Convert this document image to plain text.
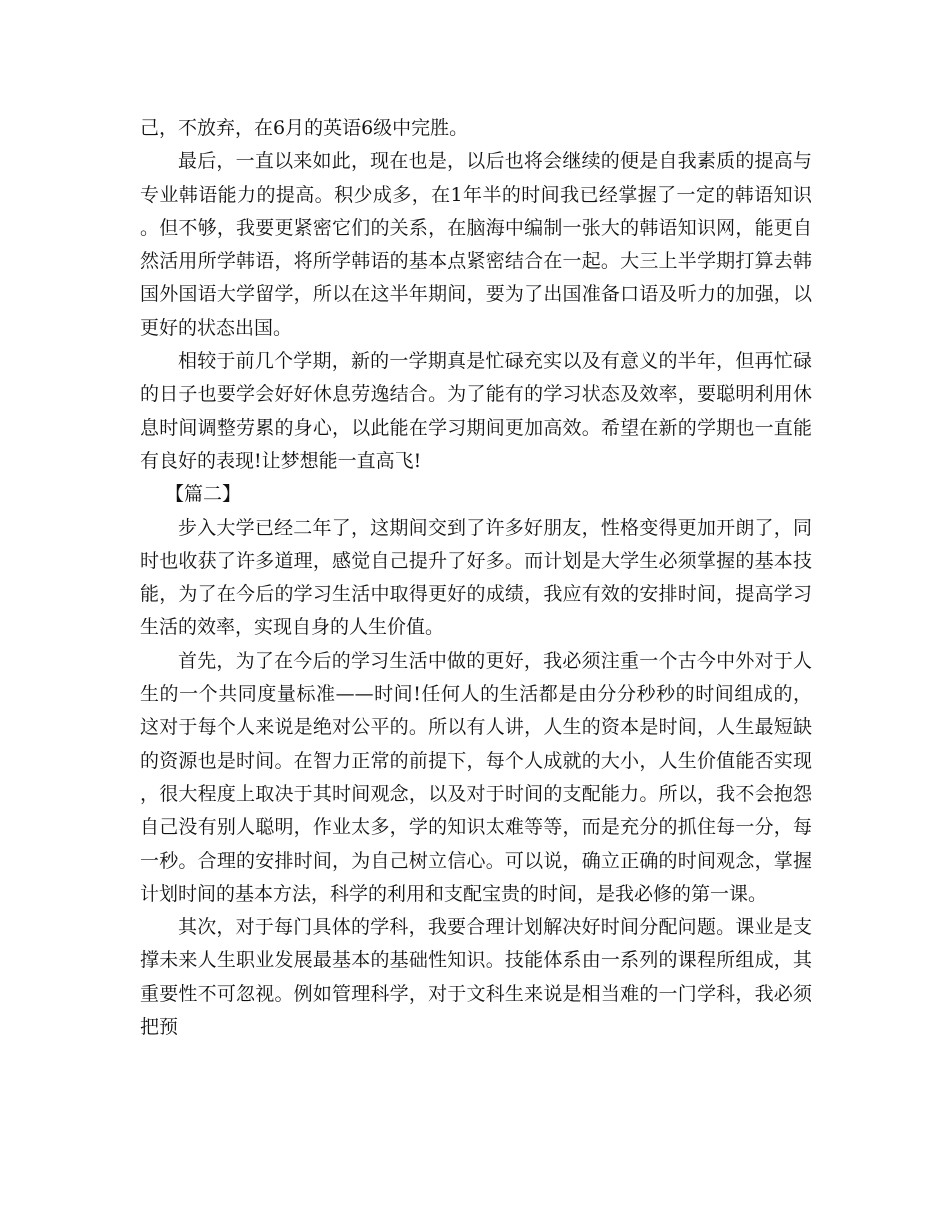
己，不放弃，在6月的英语6级中完胜。

最后，一直以来如此，现在也是，以后也将会继续的便是自我素质的提高与专业韩语能力的提高。积少成多，在1年半的时间我已经掌握了一定的韩语知识。但不够，我要更紧密它们的关系，在脑海中编制一张大的韩语知识网，能更自然活用所学韩语，将所学韩语的基本点紧密结合在一起。大三上半学期打算去韩国外国语大学留学，所以在这半年期间，要为了出国准备口语及听力的加强，以更好的状态出国。

相较于前几个学期，新的一学期真是忙碌充实以及有意义的半年，但再忙碌的日子也要学会好好休息劳逸结合。为了能有的学习状态及效率，要聪明利用休息时间调整劳累的身心，以此能在学习期间更加高效。希望在新的学期也一直能有良好的表现!让梦想能一直高飞!

【篇二】

步入大学已经二年了，这期间交到了许多好朋友，性格变得更加开朗了，同时也收获了许多道理，感觉自己提升了好多。而计划是大学生必须掌握的基本技能，为了在今后的学习生活中取得更好的成绩，我应有效的安排时间，提高学习生活的效率，实现自身的人生价值。

首先，为了在今后的学习生活中做的更好，我必须注重一个古今中外对于人生的一个共同度量标准——时间!任何人的生活都是由分分秒秒的时间组成的，这对于每个人来说是绝对公平的。所以有人讲，人生的资本是时间，人生最短缺的资源也是时间。在智力正常的前提下，每个人成就的大小，人生价值能否实现，很大程度上取决于其时间观念，以及对于时间的支配能力。所以，我不会抱怨自己没有别人聪明，作业太多，学的知识太难等等，而是充分的抓住每一分，每一秒。合理的安排时间，为自己树立信心。可以说，确立正确的时间观念，掌握计划时间的基本方法，科学的利用和支配宝贵的时间，是我必修的第一课。

其次，对于每门具体的学科，我要合理计划解决好时间分配问题。课业是支撑未来人生职业发展最基本的基础性知识。技能体系由一系列的课程所组成，其重要性不可忽视。例如管理科学，对于文科生来说是相当难的一门学科，我必须把预
